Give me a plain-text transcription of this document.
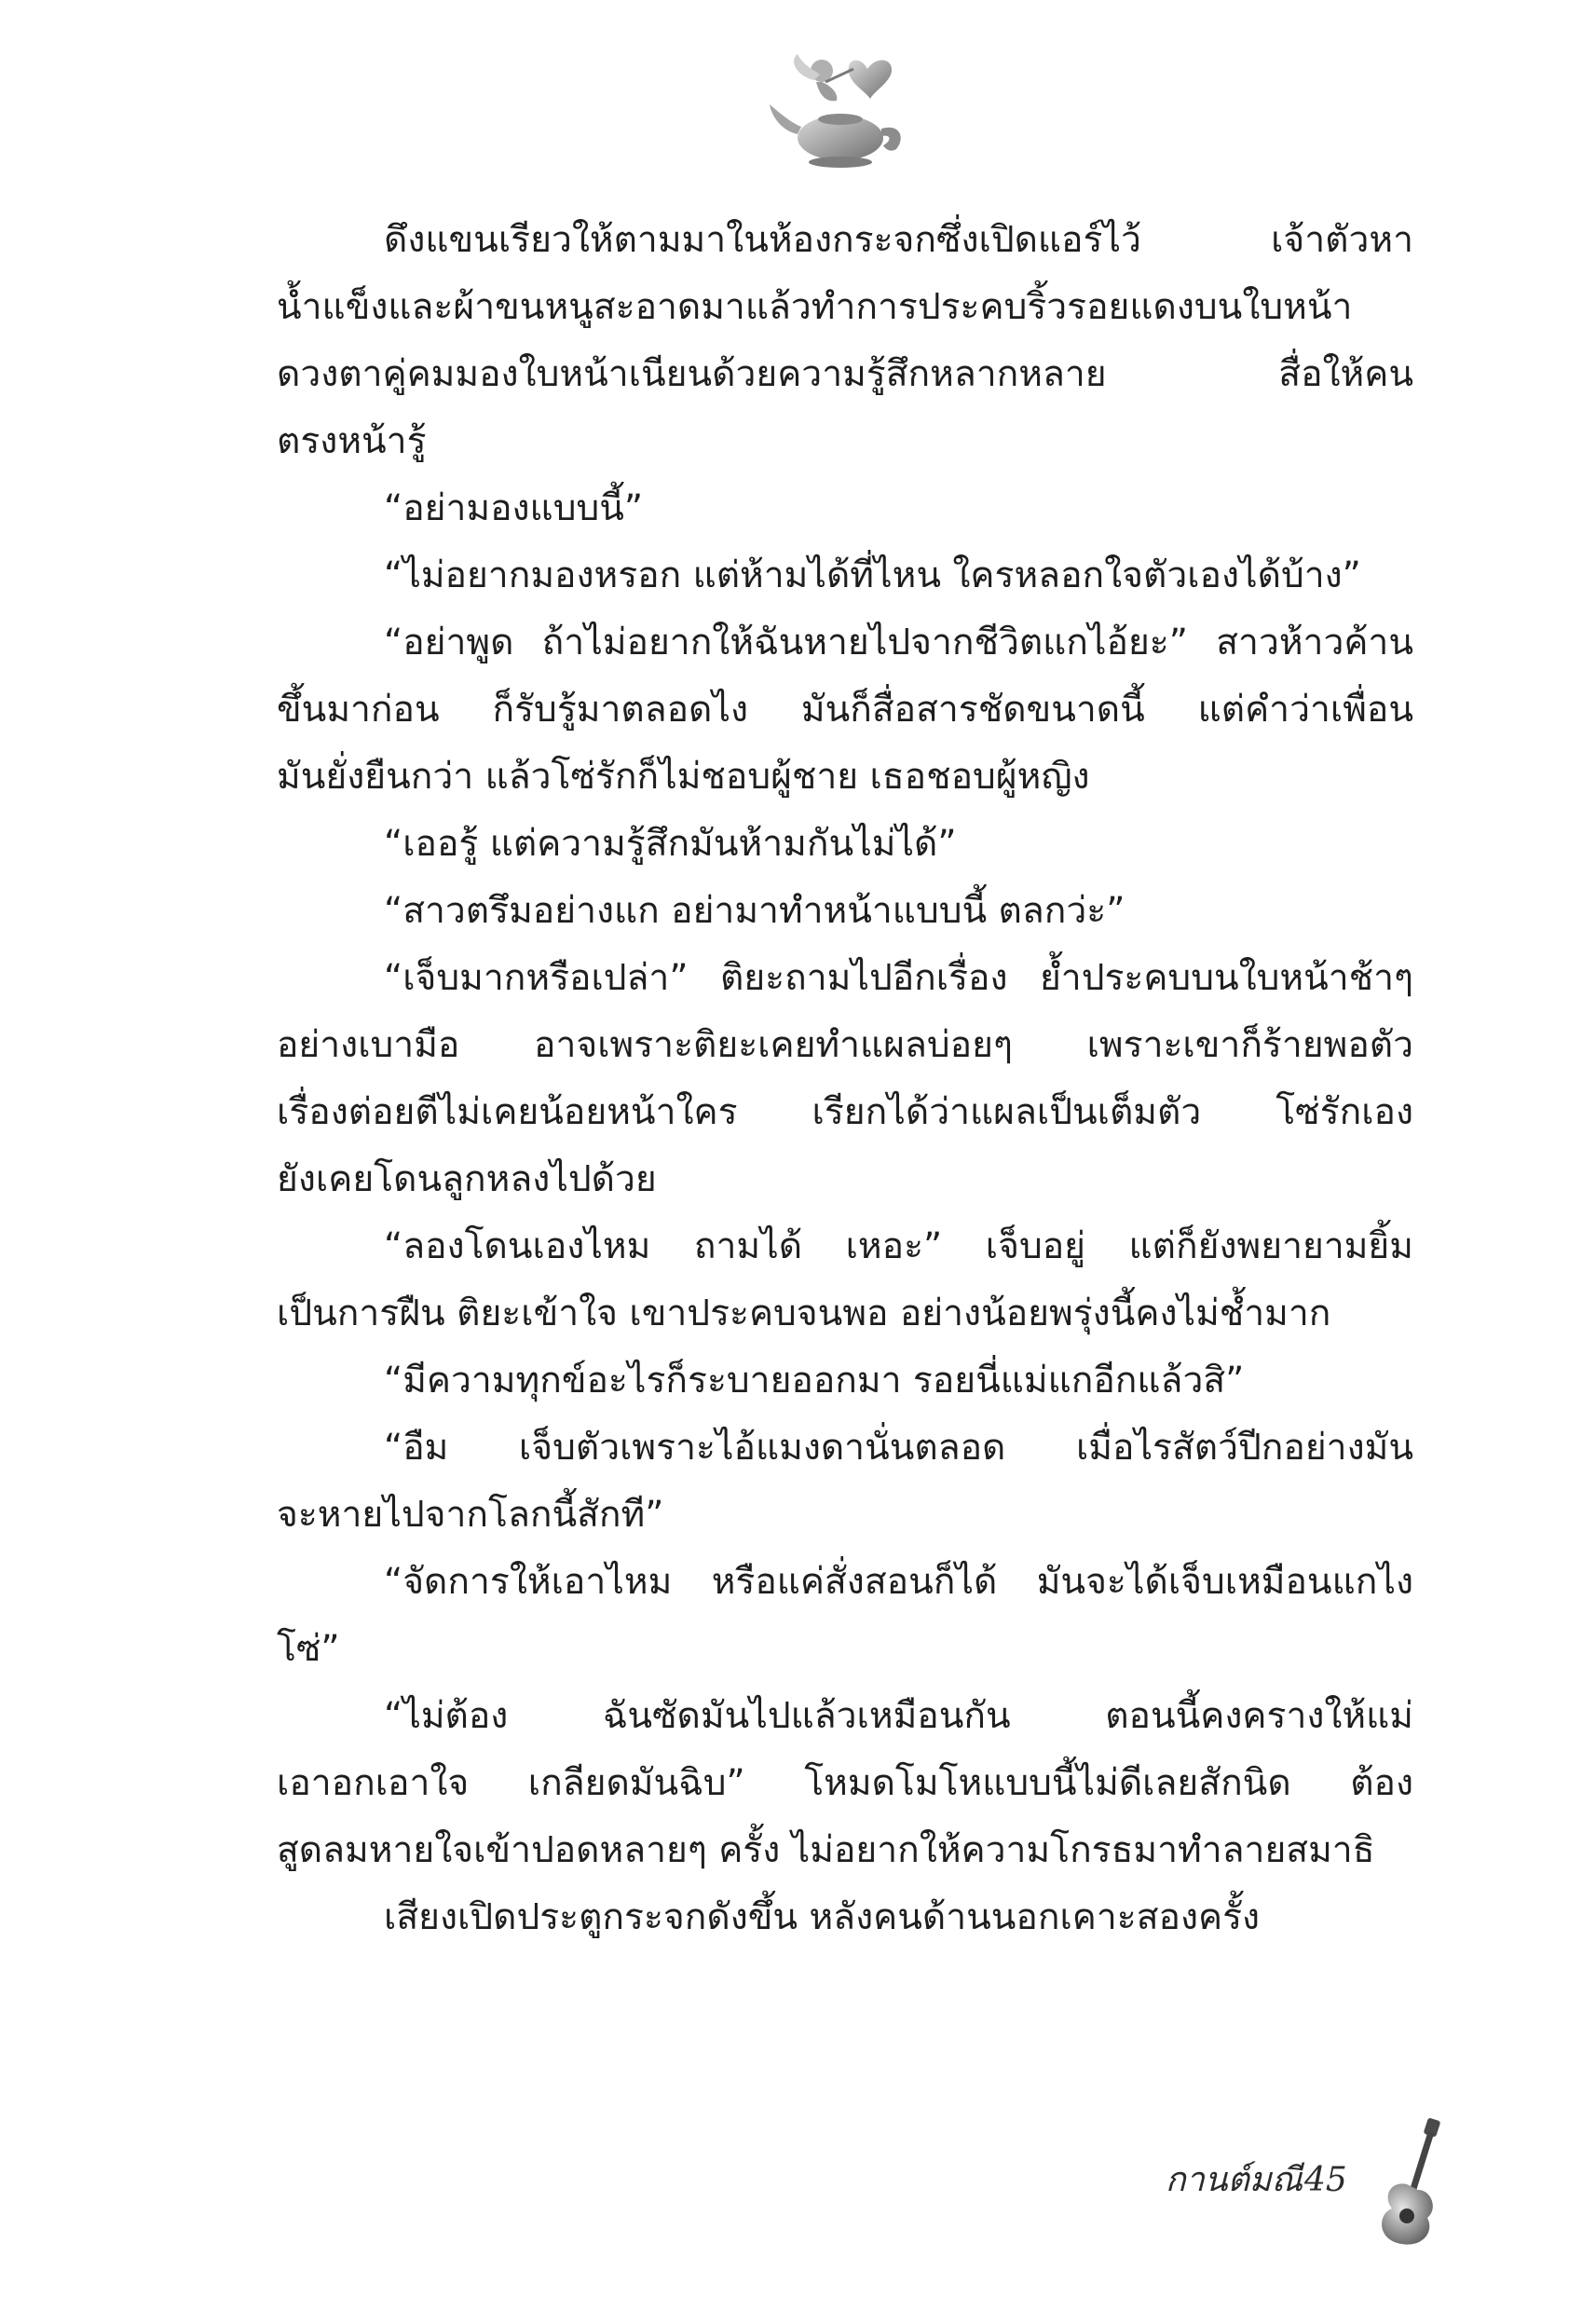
ดึงแขนเรียวให้ตามมาในห้องกระจกซึ่งเปิดแอร์ไว้ เจ้าตัวหา
น้ำแข็งและผ้าขนหนูสะอาดมาแล้วทำการประคบริ้วรอยแดงบนใบหน้า
ดวงตาคู่คมมองใบหน้าเนียนด้วยความรู้สึกหลากหลาย สื่อให้คน
ตรงหน้ารู้
“อย่ามองแบบนี้”
“ไม่อยากมองหรอก แต่ห้ามได้ที่ไหน ใครหลอกใจตัวเองได้บ้าง”
“อย่าพูด ถ้าไม่อยากให้ฉันหายไปจากชีวิตแกไอ้ยะ” สาวห้าวค้าน
ขึ้นมาก่อน ก็รับรู้มาตลอดไง มันก็สื่อสารชัดขนาดนี้ แต่คำว่าเพื่อน
มันยั่งยืนกว่า แล้วโซ่รักก็ไม่ชอบผู้ชาย เธอชอบผู้หญิง
“เออรู้ แต่ความรู้สึกมันห้ามกันไม่ได้”
“สาวตรึมอย่างแก อย่ามาทำหน้าแบบนี้ ตลกว่ะ”
“เจ็บมากหรือเปล่า” ติยะถามไปอีกเรื่อง ย้ำประคบบนใบหน้าช้าๆ
อย่างเบามือ อาจเพราะติยะเคยทำแผลบ่อยๆ เพราะเขาก็ร้ายพอตัว
เรื่องต่อยตีไม่เคยน้อยหน้าใคร เรียกได้ว่าแผลเป็นเต็มตัว โซ่รักเอง
ยังเคยโดนลูกหลงไปด้วย
“ลองโดนเองไหม ถามได้ เหอะ” เจ็บอยู่ แต่ก็ยังพยายามยิ้ม
เป็นการฝืน ติยะเข้าใจ เขาประคบจนพอ อย่างน้อยพรุ่งนี้คงไม่ช้ำมาก
“มีความทุกข์อะไรก็ระบายออกมา รอยนี่แม่แกอีกแล้วสิ”
“อืม เจ็บตัวเพราะไอ้แมงดานั่นตลอด เมื่อไรสัตว์ปีกอย่างมัน
จะหายไปจากโลกนี้สักที”
“จัดการให้เอาไหม หรือแค่สั่งสอนก็ได้ มันจะได้เจ็บเหมือนแกไง
โซ่”
“ไม่ต้อง ฉันซัดมันไปแล้วเหมือนกัน ตอนนี้คงครางให้แม่
เอาอกเอาใจ เกลียดมันฉิบ” โหมดโมโหแบบนี้ไม่ดีเลยสักนิด ต้อง
สูดลมหายใจเข้าปอดหลายๆ ครั้ง ไม่อยากให้ความโกรธมาทำลายสมาธิ
เสียงเปิดประตูกระจกดังขึ้น หลังคนด้านนอกเคาะสองครั้ง
กานต์มณี 45
